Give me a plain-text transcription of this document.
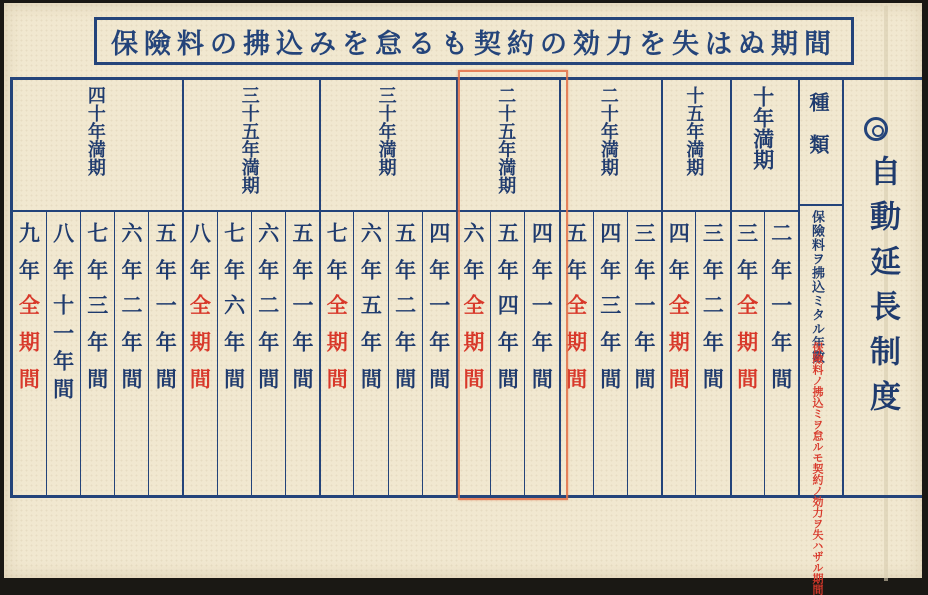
保險料の拂込みを怠るも契約の効力を失はぬ期間
種類
保險料ヲ拂込ミタル年數
保險料ノ拂込ミヲ怠ルモ契約ノ効力ヲ失ハザル期間
十年満期
二年
一年間
三年
全期間
十五年満期
三年
二年間
四年
全期間
二十年満期
三年
一年間
四年
三年間
五年
全期間
二十五年満期
四年
一年間
五年
四年間
六年
全期間
三十年満期
四年
一年間
五年
二年間
六年
五年間
七年
全期間
三十五年満期
五年
一年間
六年
二年間
七年
六年間
八年
全期間
四十年満期
五年
一年間
六年
二年間
七年
三年間
八年
十一年間
九年
全期間	自動延長制度
